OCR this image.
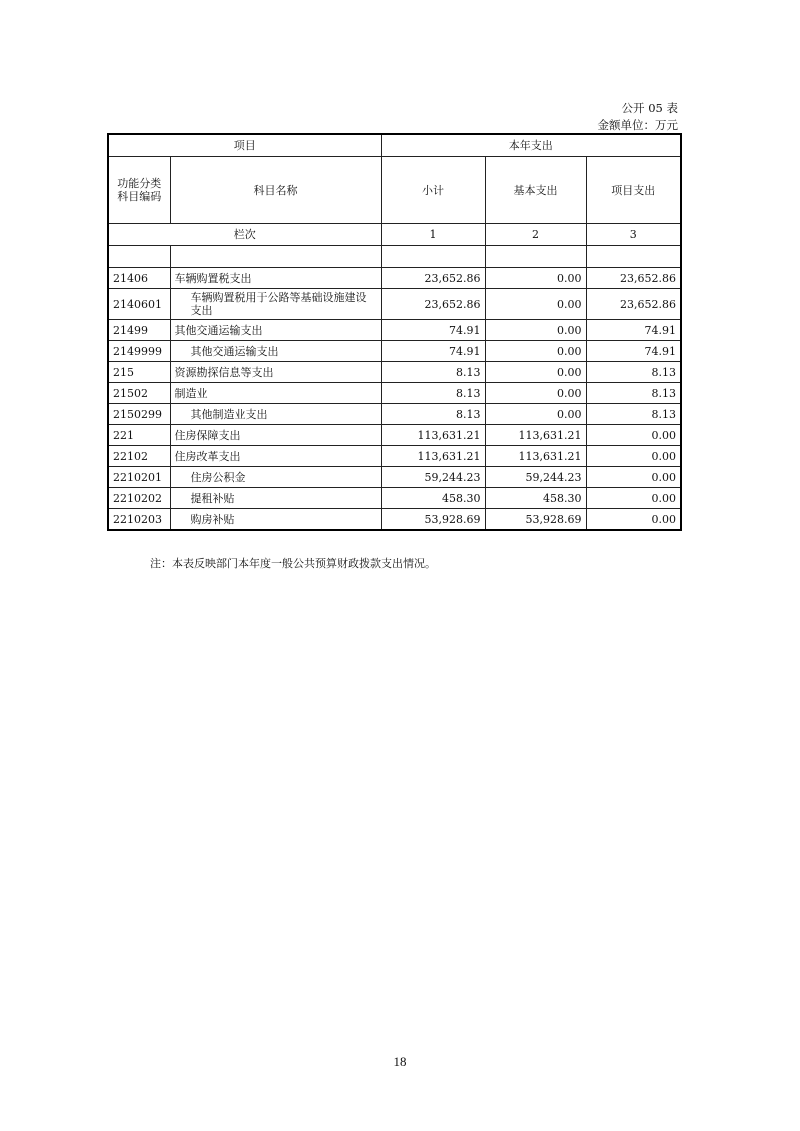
公开 05 表
金额单位：万元
项目		本年支出		
功能分类科目编码	科目名称	小计	基本支出	项目支出
栏次		1	2	3

21406	车辆购置税支出	23,652.86	0.00	23,652.86
2140601	车辆购置税用于公路等基础设施建设支出	23,652.86	0.00	23,652.86
21499	其他交通运输支出	74.91	0.00	74.91
2149999	其他交通运输支出	74.91	0.00	74.91
215	资源勘探信息等支出	8.13	0.00	8.13
21502	制造业	8.13	0.00	8.13
2150299	其他制造业支出	8.13	0.00	8.13
221	住房保障支出	113,631.21	113,631.21	0.00
22102	住房改革支出	113,631.21	113,631.21	0.00
2210201	住房公积金	59,244.23	59,244.23	0.00
2210202	提租补贴	458.30	458.30	0.00
2210203	购房补贴	53,928.69	53,928.69	0.00
注：本表反映部门本年度一般公共预算财政拨款支出情况。
18
